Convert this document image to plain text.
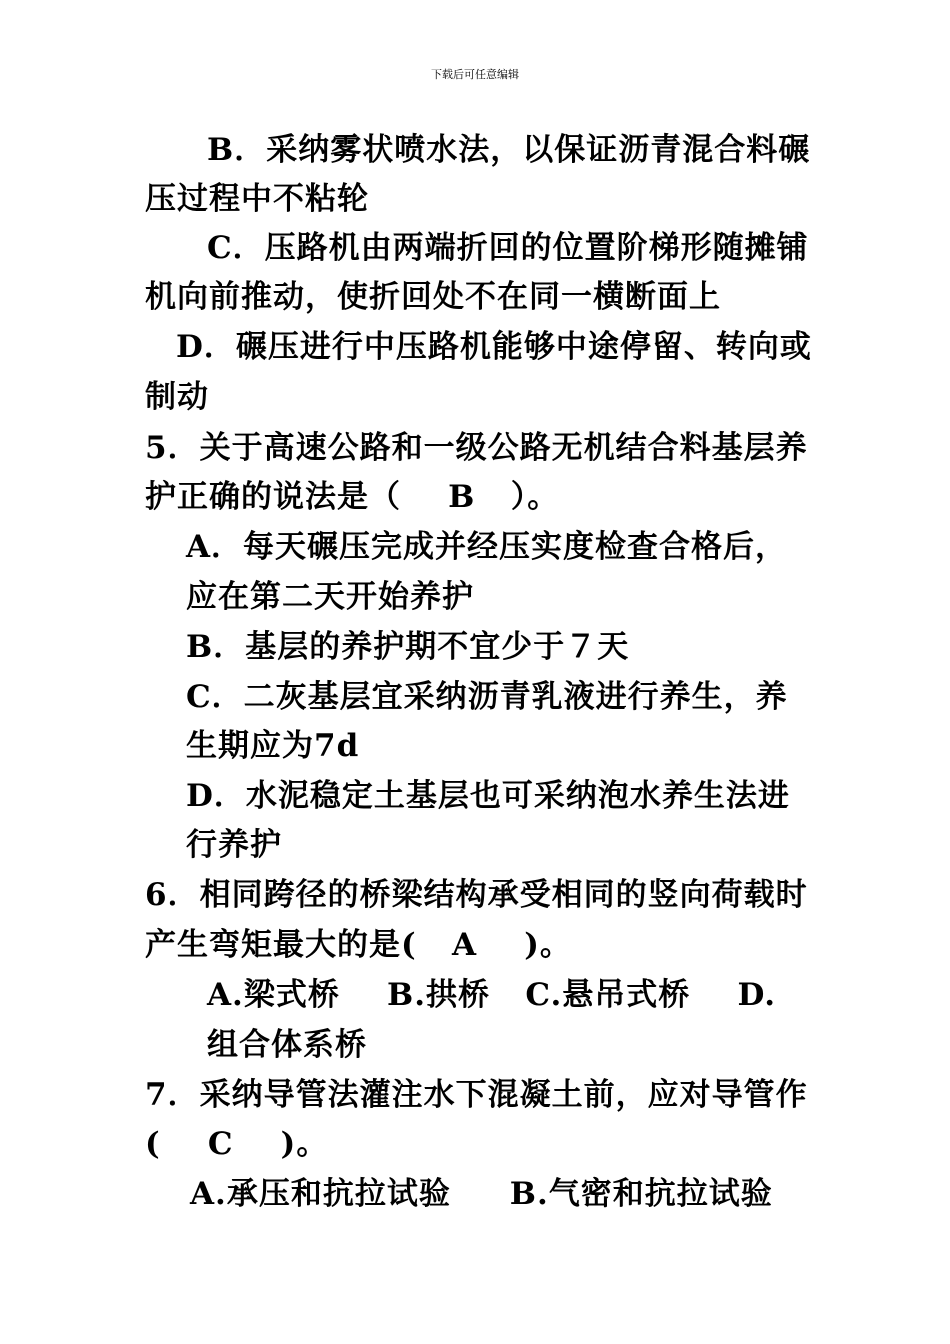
下载后可任意编辑
B．采纳雾状喷水法，以保证沥青混合料碾
压过程中不粘轮
C．压路机由两端折回的位置阶梯形随摊铺
机向前推动，使折回处不在同一横断面上
D．碾压进行中压路机能够中途停留、转向或
制动
5．关于高速公路和一级公路无机结合料基层养
护正确的说法是（    B   ）。
A．每天碾压完成并经压实度检查合格后，
应在第二天开始养护
B．基层的养护期不宜少于７天
C．二灰基层宜采纳沥青乳液进行养生，养
生期应为7d
D．水泥稳定土基层也可采纳泡水养生法进
行养护
6．相同跨径的桥梁结构承受相同的竖向荷载时
产生弯矩最大的是(   A    )。
A.梁式桥    B.拱桥   C.悬吊式桥    D.
组合体系桥
7．采纳导管法灌注水下混凝土前，应对导管作
(    C    )。
A.承压和抗拉试验     B.气密和抗拉试验
